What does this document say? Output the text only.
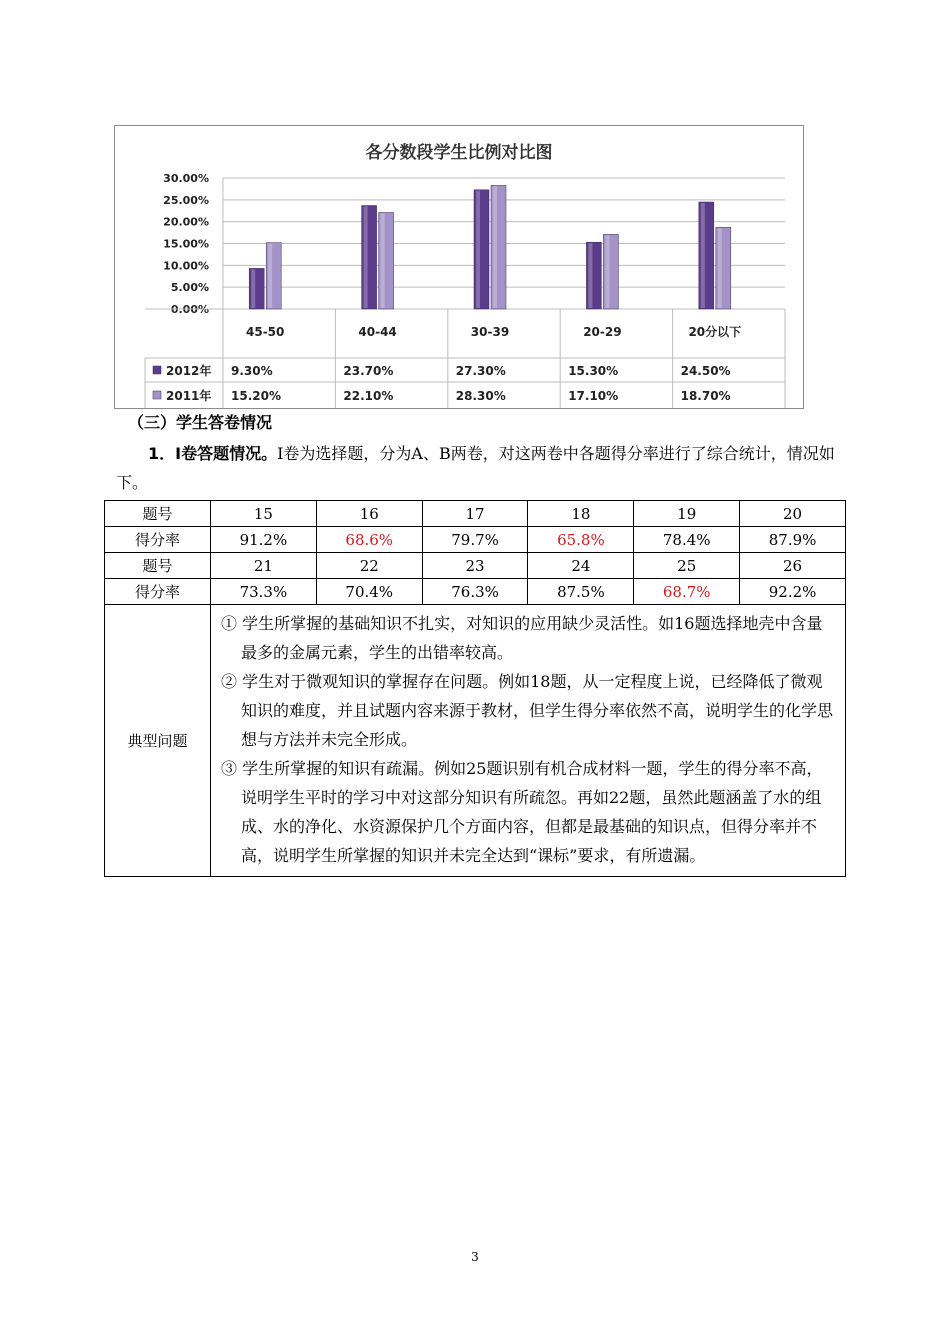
各分数段学生比例对比图
0.00%
5.00%
10.00%
15.00%
20.00%
25.00%
30.00%
45-50	40-44	30-39	20-29	20分以下
2012年 9.30%	23.70%	27.30%	15.30%	24.50%
2011年 15.20%	22.10%	28.30%	17.10%	18.70%
（三）学生答卷情况
1．Ⅰ卷答题情况。Ⅰ卷为选择题，分为A、B两卷，对这两卷中各题得分率进行了综合统计，情况如下。
题号	15	16	17	18	19	20
得分率	91.2%	68.6%	79.7%	65.8%	78.4%	87.9%
题号	21	22	23	24	25	26
得分率	73.3%	70.4%	76.3%	87.5%	68.7%	92.2%
典型问题	① 学生所掌握的基础知识不扎实，对知识的应用缺少灵活性。如16题选择地壳中含量最多的金属元素，学生的出错率较高。
② 学生对于微观知识的掌握存在问题。例如18题，从一定程度上说，已经降低了微观知识的难度，并且试题内容来源于教材，但学生得分率依然不高，说明学生的化学思想与方法并未完全形成。
③ 学生所掌握的知识有疏漏。例如25题识别有机合成材料一题，学生的得分率不高，说明学生平时的学习中对这部分知识有所疏忽。再如22题，虽然此题涵盖了水的组成、水的净化、水资源保护几个方面内容，但都是最基础的知识点，但得分率并不高，说明学生所掌握的知识并未完全达到“课标”要求，有所遗漏。					
3
